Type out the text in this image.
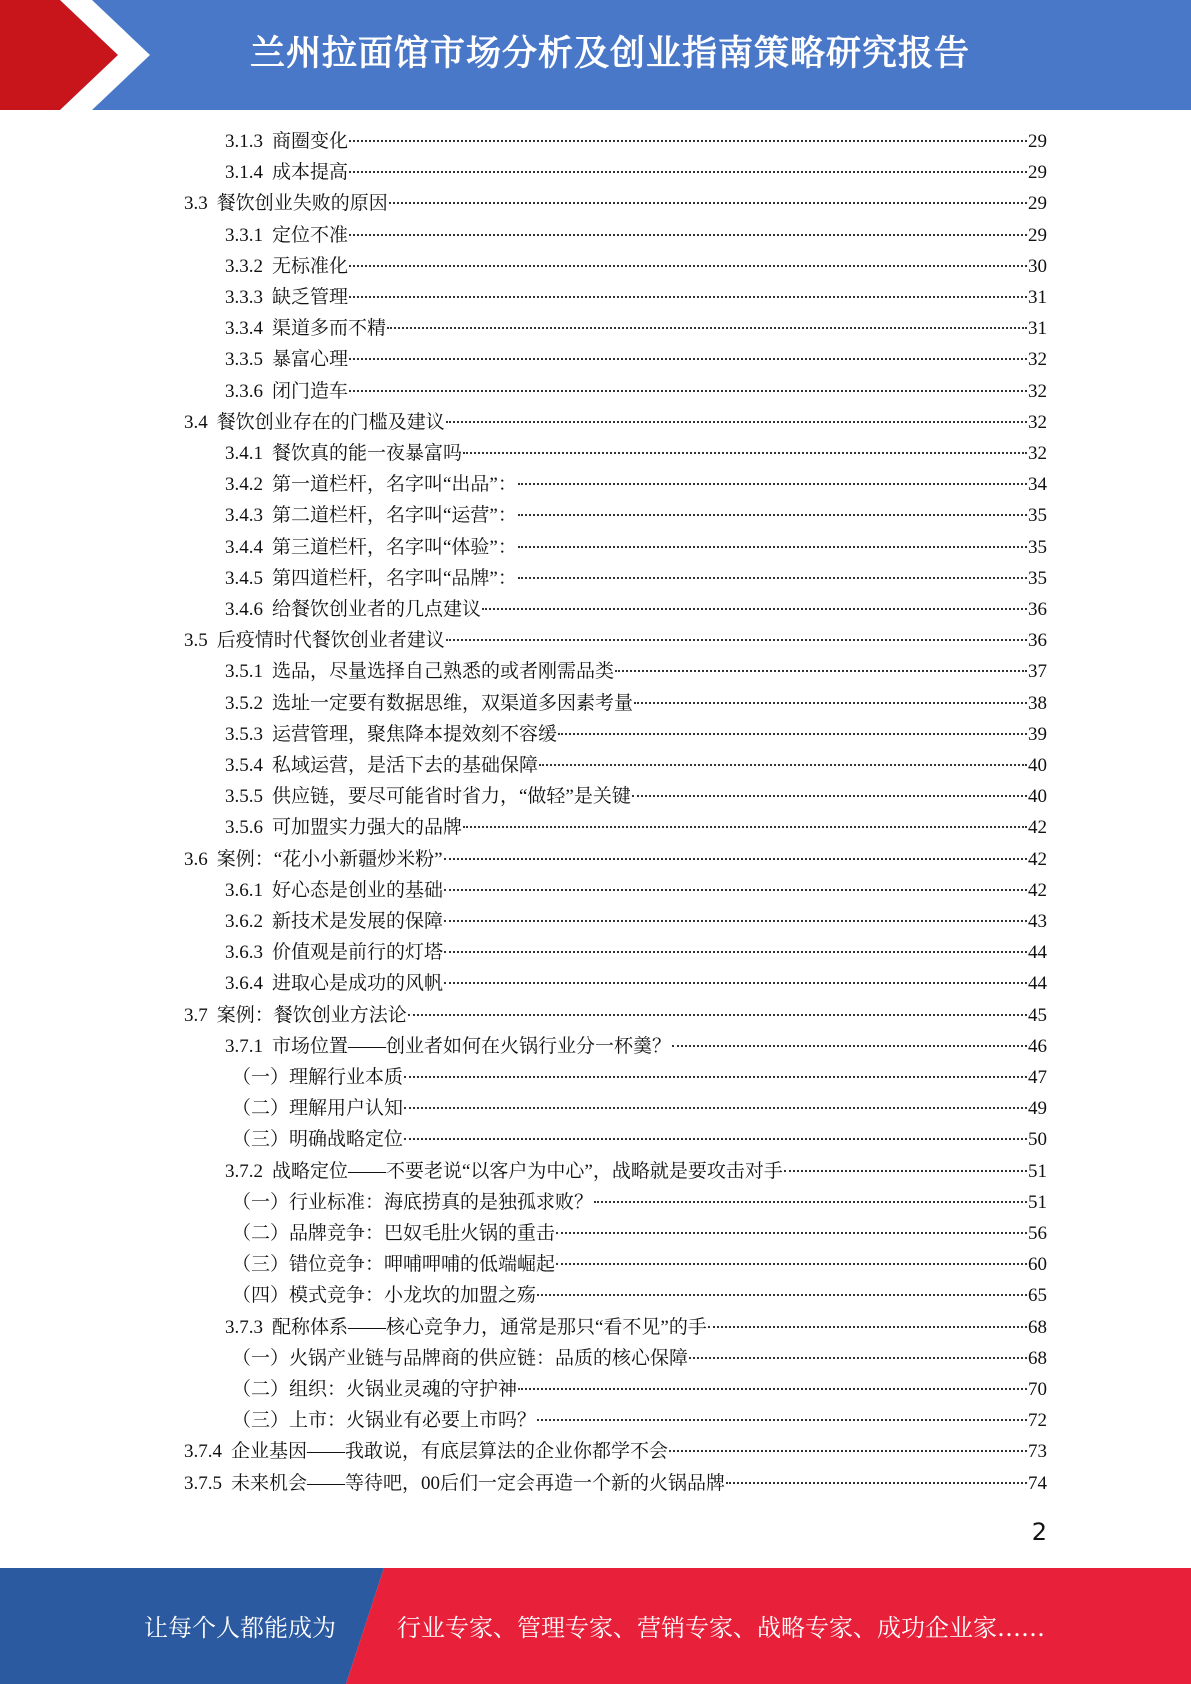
兰州拉面馆市场分析及创业指南策略研究报告
3.1.3 商圈变化	29
3.1.4 成本提高	29
3.3 餐饮创业失败的原因	29
3.3.1 定位不准	29
3.3.2 无标准化	30
3.3.3 缺乏管理	31
3.3.4 渠道多而不精	31
3.3.5 暴富心理	32
3.3.6 闭门造车	32
3.4 餐饮创业存在的门槛及建议	32
3.4.1 餐饮真的能一夜暴富吗	32
3.4.2 第一道栏杆，名字叫“出品”：	34
3.4.3 第二道栏杆，名字叫“运营”：	35
3.4.4 第三道栏杆，名字叫“体验”：	35
3.4.5 第四道栏杆，名字叫“品牌”：	35
3.4.6 给餐饮创业者的几点建议	36
3.5 后疫情时代餐饮创业者建议	36
3.5.1 选品，尽量选择自己熟悉的或者刚需品类	37
3.5.2 选址一定要有数据思维，双渠道多因素考量	38
3.5.3 运营管理，聚焦降本提效刻不容缓	39
3.5.4 私域运营，是活下去的基础保障	40
3.5.5 供应链，要尽可能省时省力，“做轻”是关键	40
3.5.6 可加盟实力强大的品牌	42
3.6 案例：“花小小新疆炒米粉”	42
3.6.1 好心态是创业的基础	42
3.6.2 新技术是发展的保障	43
3.6.3 价值观是前行的灯塔	44
3.6.4 进取心是成功的风帆	44
3.7 案例：餐饮创业方法论	45
3.7.1 市场位置——创业者如何在火锅行业分一杯羹？	46
（一）理解行业本质	47
（二）理解用户认知	49
（三）明确战略定位	50
3.7.2 战略定位——不要老说“以客户为中心”，战略就是要攻击对手	51
（一）行业标准：海底捞真的是独孤求败？	51
（二）品牌竞争：巴奴毛肚火锅的重击	56
（三）错位竞争：呷哺呷哺的低端崛起	60
（四）模式竞争：小龙坎的加盟之殇	65
3.7.3 配称体系——核心竞争力，通常是那只“看不见”的手	68
（一）火锅产业链与品牌商的供应链：品质的核心保障	68
（二）组织：火锅业灵魂的守护神	70
（三）上市：火锅业有必要上市吗？	72
3.7.4 企业基因——我敢说，有底层算法的企业你都学不会	73
3.7.5 未来机会——等待吧，00后们一定会再造一个新的火锅品牌	74
2
让每个人都能成为	行业专家、管理专家、营销专家、战略专家、成功企业家……
